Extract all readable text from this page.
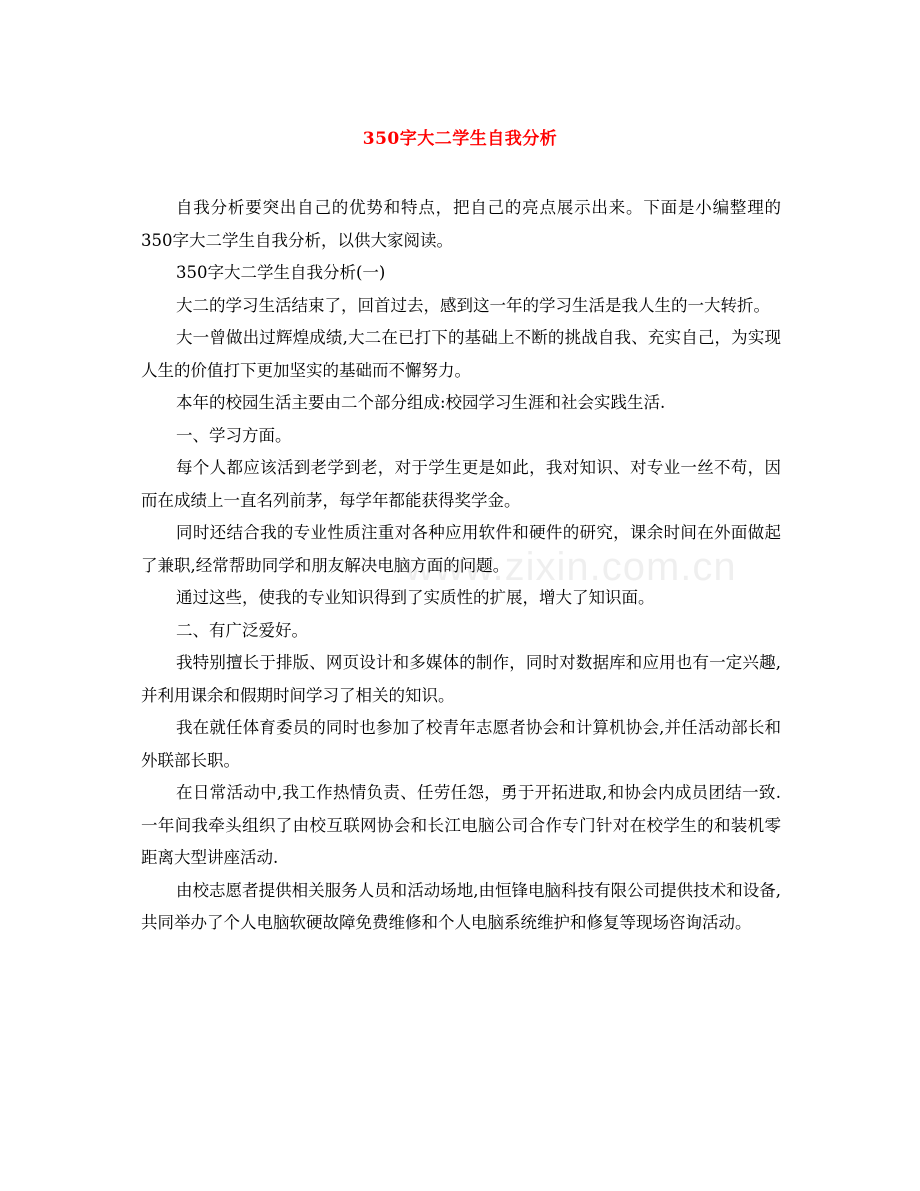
350字大二学生自我分析

自我分析要突出自己的优势和特点，把自己的亮点展示出来。下面是小编整理的350字大二学生自我分析，以供大家阅读。

350字大二学生自我分析(一)

大二的学习生活结束了，回首过去，感到这一年的学习生活是我人生的一大转折。

大一曾做出过辉煌成绩,大二在已打下的基础上不断的挑战自我、充实自己，为实现人生的价值打下更加坚实的基础而不懈努力。

本年的校园生活主要由二个部分组成:校园学习生涯和社会实践生活.

一、学习方面。

每个人都应该活到老学到老，对于学生更是如此，我对知识、对专业一丝不苟，因而在成绩上一直名列前茅，每学年都能获得奖学金。

同时还结合我的专业性质注重对各种应用软件和硬件的研究，课余时间在外面做起了兼职,经常帮助同学和朋友解决电脑方面的问题。

通过这些，使我的专业知识得到了实质性的扩展，增大了知识面。

二、有广泛爱好。

我特别擅长于排版、网页设计和多媒体的制作，同时对数据库和应用也有一定兴趣,并利用课余和假期时间学习了相关的知识。

我在就任体育委员的同时也参加了校青年志愿者协会和计算机协会,并任活动部长和外联部长职。

在日常活动中,我工作热情负责、任劳任怨，勇于开拓进取,和协会内成员团结一致.一年间我牵头组织了由校互联网协会和长江电脑公司合作专门针对在校学生的和装机零距离大型讲座活动.

由校志愿者提供相关服务人员和活动场地,由恒锋电脑科技有限公司提供技术和设备,共同举办了个人电脑软硬故障免费维修和个人电脑系统维护和修复等现场咨询活动。

www.zixin.com.cn
